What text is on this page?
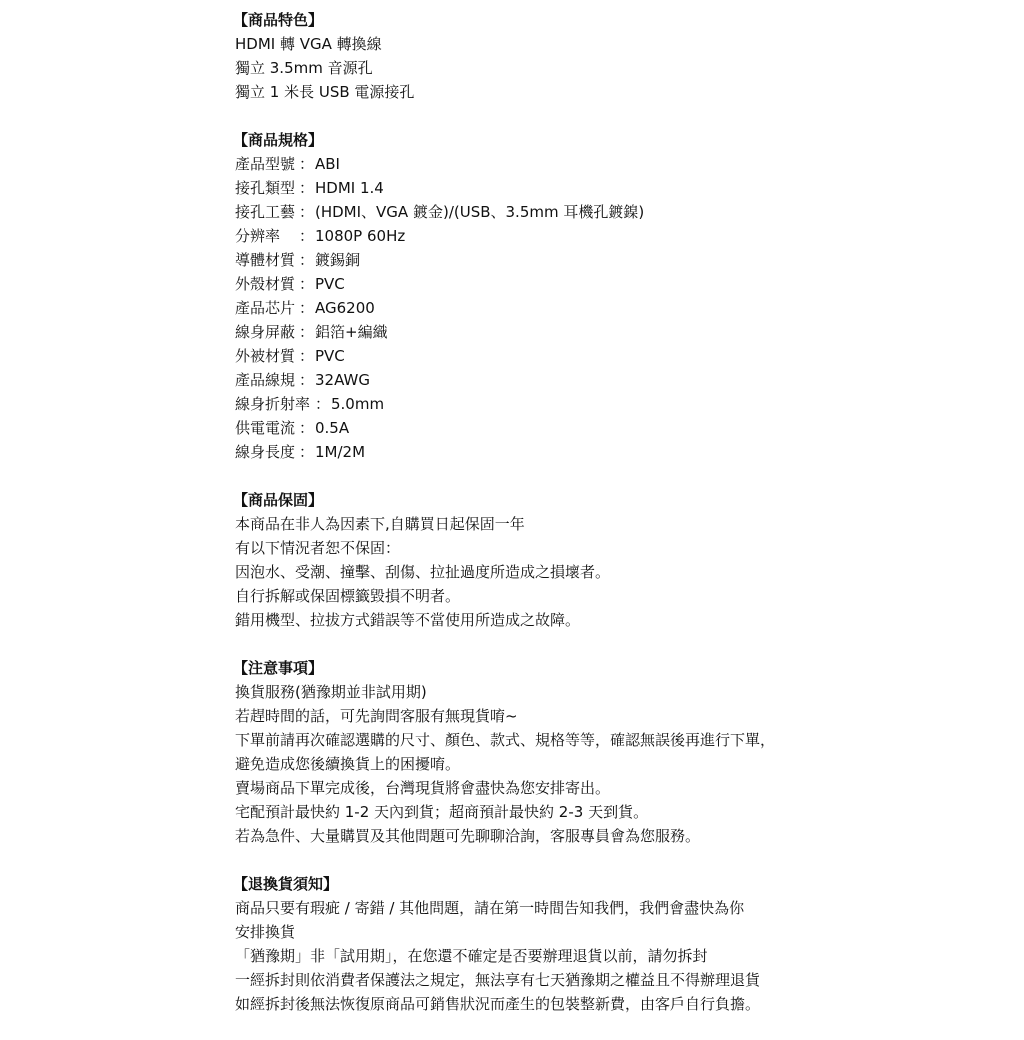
【商品特色】
HDMI 轉 VGA 轉換線
獨立 3.5mm 音源孔
獨立 1 米長 USB 電源接孔
【商品規格】
產品型號 ： ABI
接孔類型 ： HDMI 1.4
接孔工藝 ： (HDMI、VGA 鍍金)/(USB、3.5mm 耳機孔鍍鎳)
分辨率	： 1080P 60Hz
導體材質 ： 鍍錫銅
外殼材質 ： PVC
產品芯片 ： AG6200
線身屏蔽 ： 鋁箔+編織
外被材質 ： PVC
產品線規 ： 32AWG
線身折射率 ： 5.0mm
供電電流 ： 0.5A
線身長度 ： 1M/2M
【商品保固】
本商品在非人為因素下,自購買日起保固一年
有以下情況者恕不保固：
因泡水、受潮、撞擊、刮傷、拉扯過度所造成之損壞者。
自行拆解或保固標籤毀損不明者。
錯用機型、拉拔方式錯誤等不當使用所造成之故障。
【注意事項】
換貨服務(猶豫期並非試用期)
若趕時間的話，可先詢問客服有無現貨唷~
下單前請再次確認選購的尺寸、顏色、款式、規格等等，確認無誤後再進行下單，
避免造成您後續換貨上的困擾唷。
賣場商品下單完成後，台灣現貨將會盡快為您安排寄出。
宅配預計最快約 1-2 天內到貨；超商預計最快約 2-3 天到貨。
若為急件、大量購買及其他問題可先聊聊洽詢，客服專員會為您服務。
【退換貨須知】
商品只要有瑕疵 / 寄錯 / 其他問題，請在第一時間告知我們，我們會盡快為你
安排換貨
「猶豫期」非「試用期」，在您還不確定是否要辦理退貨以前，請勿拆封
一經拆封則依消費者保護法之規定，無法享有七天猶豫期之權益且不得辦理退貨
如經拆封後無法恢復原商品可銷售狀況而產生的包裝整新費，由客戶自行負擔。
